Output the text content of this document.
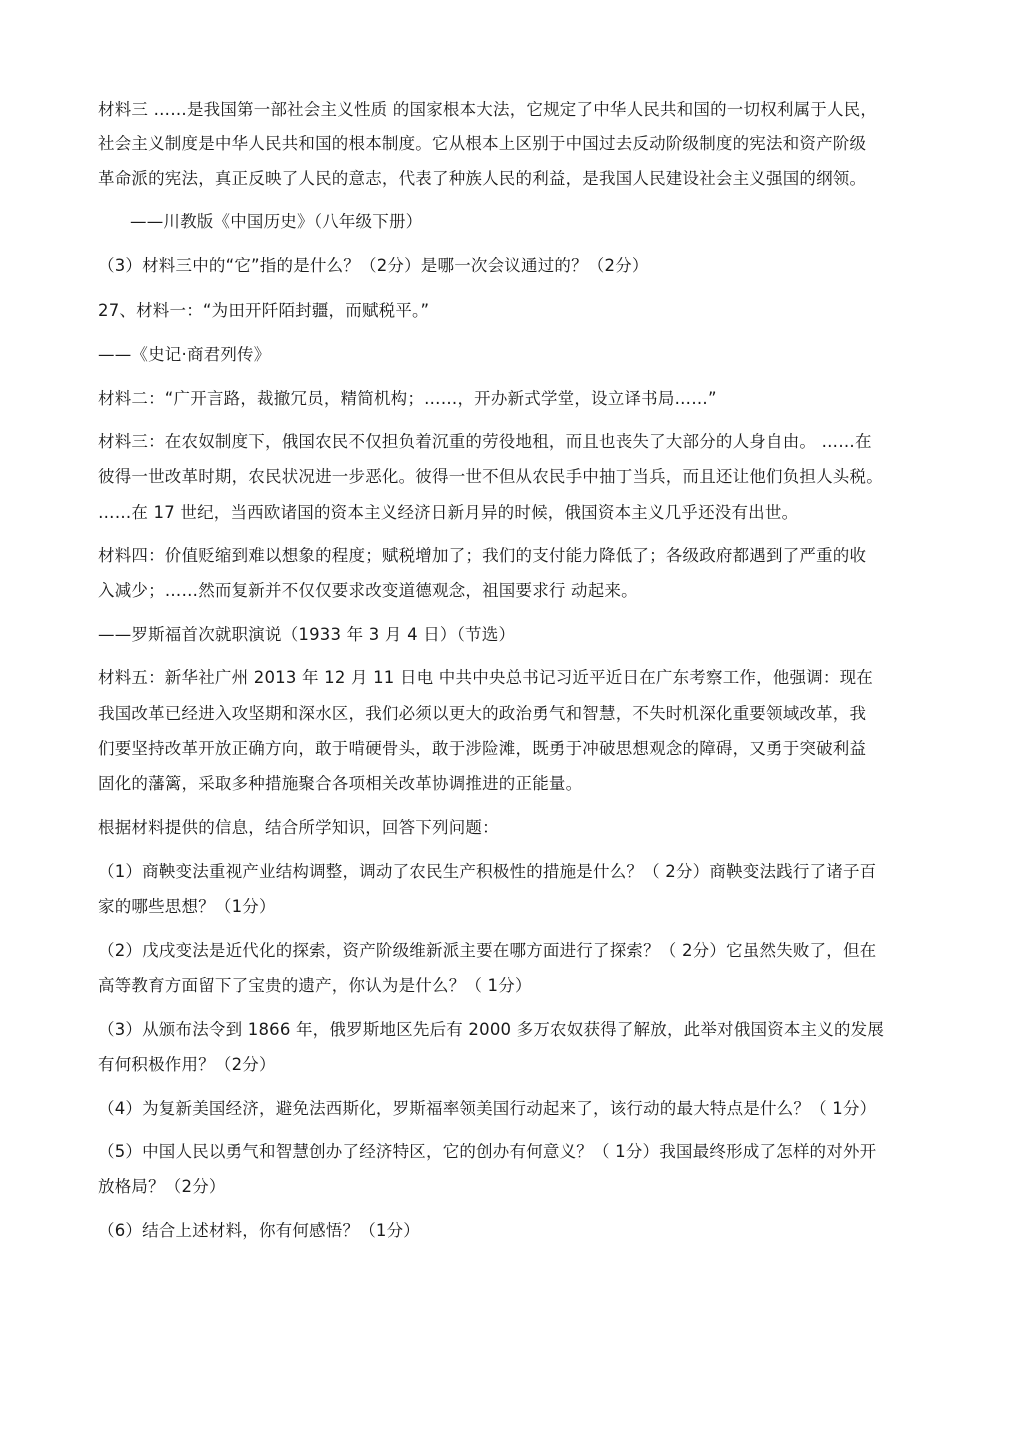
材料三 ……是我国第一部社会主义性质 的国家根本大法，它规定了中华人民共和国的一切权利属于人民，

社会主义制度是中华人民共和国的根本制度。它从根本上区别于中国过去反动阶级制度的宪法和资产阶级

革命派的宪法，真正反映了人民的意志，代表了种族人民的利益，是我国人民建设社会主义强国的纲领。

——川教版《中国历史》（八年级下册）

（3）材料三中的“它”指的是什么？（2分）是哪一次会议通过的？（2分）

27、材料一：“为田开阡陌封疆，而赋税平。”

——《史记·商君列传》

材料二：“广开言路，裁撤冗员，精简机构；……，开办新式学堂，设立译书局……”

材料三：在农奴制度下，俄国农民不仅担负着沉重的劳役地租，而且也丧失了大部分的人身自由。 ……在

彼得一世改革时期，农民状况进一步恶化。彼得一世不但从农民手中抽丁当兵，而且还让他们负担人头税。

……在 17 世纪，当西欧诸国的资本主义经济日新月异的时候，俄国资本主义几乎还没有出世。

材料四：价值贬缩到难以想象的程度；赋税增加了；我们的支付能力降低了；各级政府都遇到了严重的收

入减少；……然而复新并不仅仅要求改变道德观念，祖国要求行 动起来。

——罗斯福首次就职演说（1933 年 3 月 4 日）（节选）

材料五：新华社广州 2013 年 12 月 11 日电 中共中央总书记习近平近日在广东考察工作，他强调：现在

我国改革已经进入攻坚期和深水区，我们必须以更大的政治勇气和智慧，不失时机深化重要领域改革，我

们要坚持改革开放正确方向，敢于啃硬骨头，敢于涉险滩，既勇于冲破思想观念的障碍，又勇于突破利益

固化的藩篱，采取多种措施聚合各项相关改革协调推进的正能量。

根据材料提供的信息，结合所学知识，回答下列问题：

（1）商鞅变法重视产业结构调整，调动了农民生产积极性的措施是什么？（ 2分）商鞅变法践行了诸子百

家的哪些思想？（1分）

（2）戊戌变法是近代化的探索，资产阶级维新派主要在哪方面进行了探索？（ 2分）它虽然失败了，但在

高等教育方面留下了宝贵的遗产，你认为是什么？（ 1分）

（3）从颁布法令到 1866 年，俄罗斯地区先后有 2000 多万农奴获得了解放，此举对俄国资本主义的发展

有何积极作用？（2分）

（4）为复新美国经济，避免法西斯化，罗斯福率领美国行动起来了，该行动的最大特点是什么？（ 1分）

（5）中国人民以勇气和智慧创办了经济特区，它的创办有何意义？（ 1分）我国最终形成了怎样的对外开

放格局？（2分）

（6）结合上述材料，你有何感悟？（1分）
